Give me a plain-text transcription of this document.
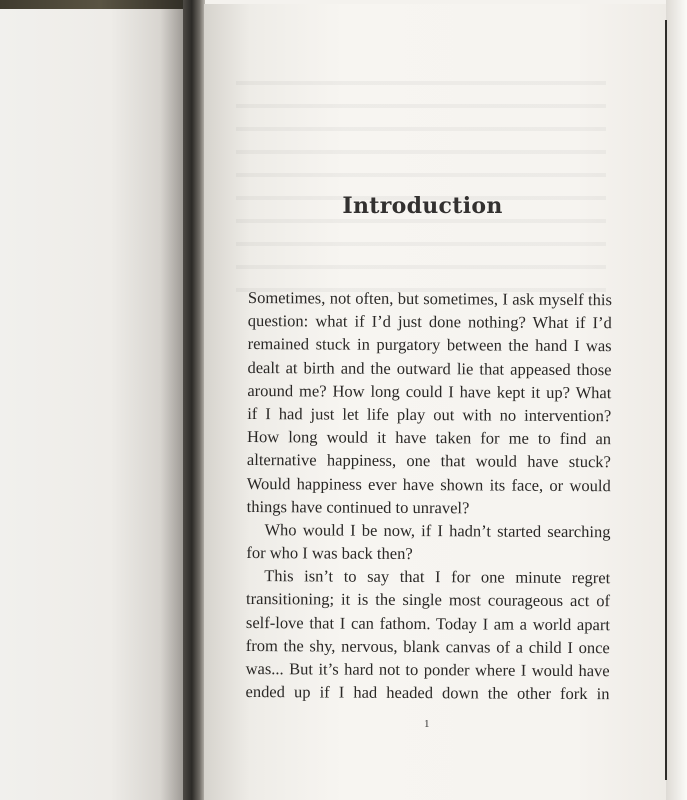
Introduction
Sometimes, not often, but sometimes, I ask myself this
question: what if I’d just done nothing? What if I’d
remained stuck in purgatory between the hand I was
dealt at birth and the outward lie that appeased those
around me? How long could I have kept it up? What
if I had just let life play out with no intervention?
How long would it have taken for me to find an
alternative happiness, one that would have stuck?
Would happiness ever have shown its face, or would
things have continued to unravel?
Who would I be now, if I hadn’t started searching
for who I was back then?
This isn’t to say that I for one minute regret
transitioning; it is the single most courageous act of
self-love that I can fathom. Today I am a world apart
from the shy, nervous, blank canvas of a child I once
was... But it’s hard not to ponder where I would have
ended up if I had headed down the other fork in
1
